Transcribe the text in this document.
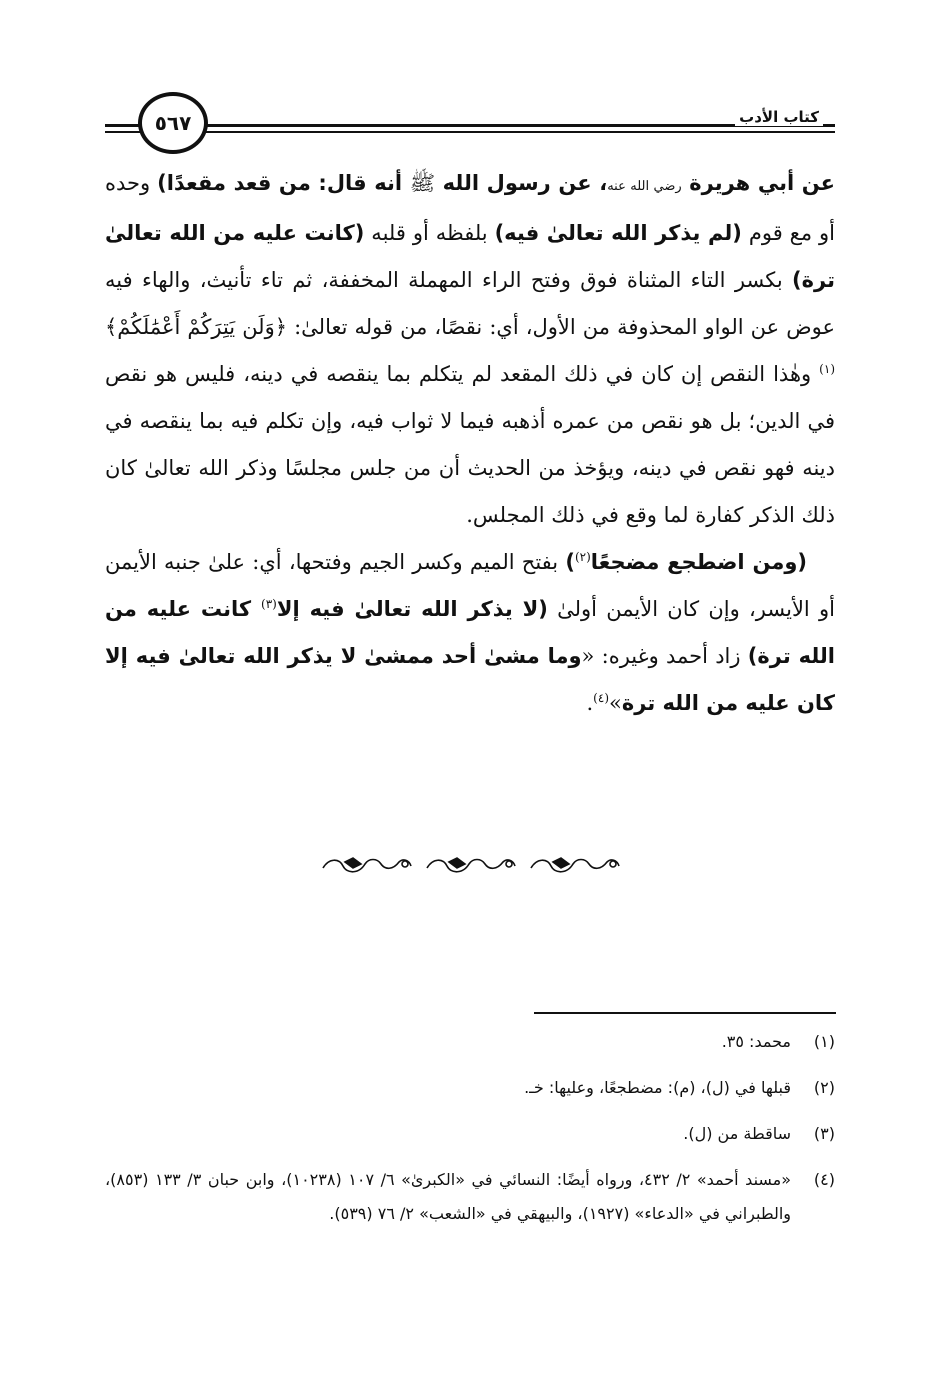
كتاب الأدب
٥٦٧

عن أبي هريرة رضي الله عنه، عن رسول الله ﷺ أنه قال: من قعد مقعدًا) وحده أو مع قوم (لم يذكر الله تعالىٰ فيه) بلفظه أو قلبه (كانت عليه من الله تعالىٰ ترة) بكسر التاء المثناة فوق وفتح الراء المهملة المخففة، ثم تاء تأنيث، والهاء فيه عوض عن الواو المحذوفة من الأول، أي: نقصًا، من قوله تعالىٰ: ﴿وَلَن يَتِرَكُمْ أَعْمَٰلَكُمْ﴾$^{(١)}$ وهٰذا النقص إن كان في ذلك المقعد لم يتكلم بما ينقصه في دينه، فليس هو نقص في الدين؛ بل هو نقص من عمره أذهبه فيما لا ثواب فيه، وإن تكلم فيه بما ينقصه في دينه فهو نقص في دينه، ويؤخذ من الحديث أن من جلس مجلسًا وذكر الله تعالىٰ كان ذلك الذكر كفارة لما وقع في ذلك المجلس.

(ومن اضطجع مضجعًا$^{(٢)}$) بفتح الميم وكسر الجيم وفتحها، أي: علىٰ جنبه الأيمن أو الأيسر، وإن كان الأيمن أولىٰ (لا يذكر الله تعالىٰ فيه إلا$^{(٣)}$ كانت عليه من الله ترة) زاد أحمد وغيره: «وما مشىٰ أحد ممشىٰ لا يذكر الله تعالىٰ فيه إلا كان عليه من الله ترة»$^{(٤)}$.

(١)
محمد: ٣٥.
(٢)
قبلها في (ل)، (م): مضطجعًا، وعليها: خـ.
(٣)
ساقطة من (ل).
(٤)
«مسند أحمد» ٢/ ٤٣٢، ورواه أيضًا: النسائي في «الكبرىٰ» ٦/ ١٠٧ (١٠٢٣٨)، وابن حبان ٣/ ١٣٣ (٨٥٣)، والطبراني في «الدعاء» (١٩٢٧)، والبيهقي في «الشعب» ٢/ ٧٦ (٥٣٩).
